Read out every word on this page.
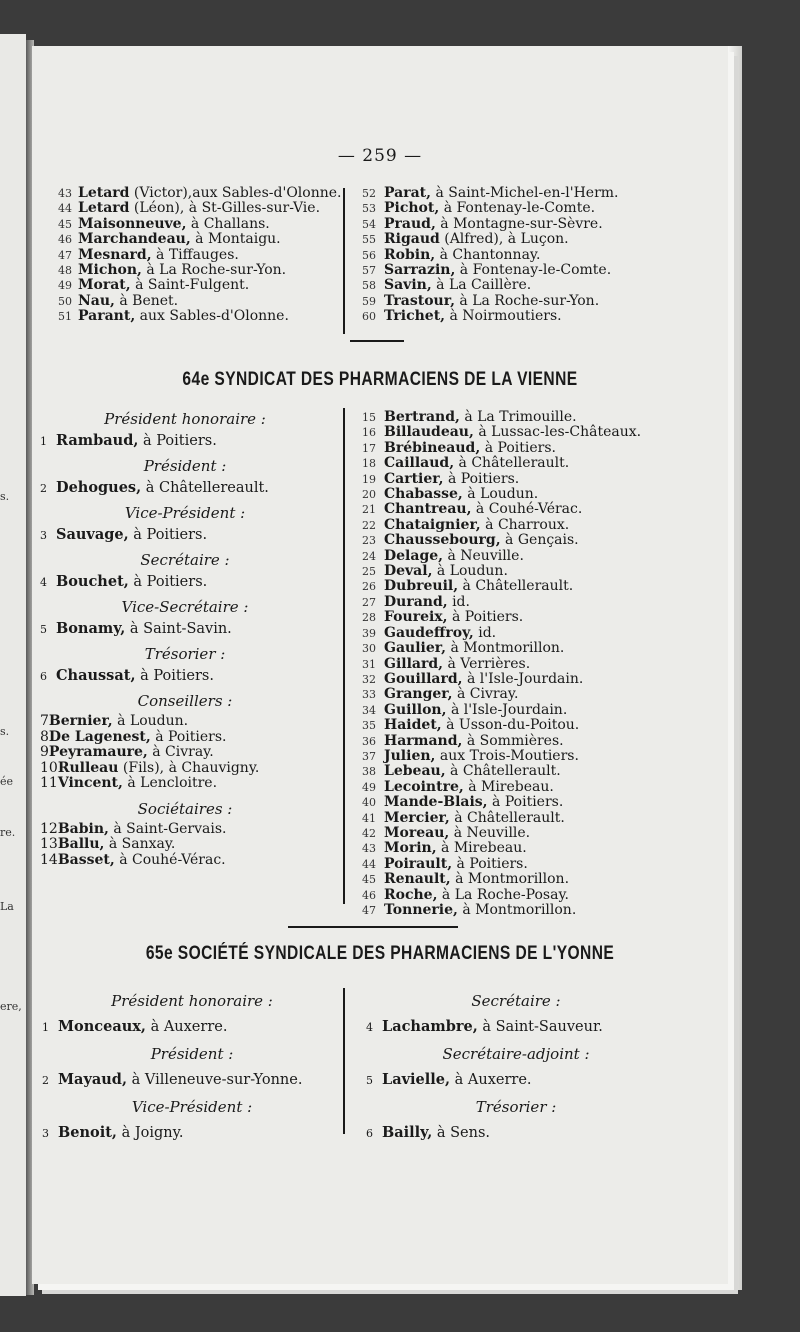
s.
s.
ée
re.
La
ere,
— 259 —
43 Letard (Victor),aux Sables-d'Olonne.
44 Letard (Léon), à St-Gilles-sur-Vie.
45 Maisonneuve, à Challans.
46 Marchandeau, à Montaigu.
47 Mesnard, à Tiffauges.
48 Michon, à La Roche-sur-Yon.
49 Morat, à Saint-Fulgent.
50 Nau, à Benet.
51 Parant, aux Sables-d'Olonne.
52 Parat, à Saint-Michel-en-l'Herm.
53 Pichot, à Fontenay-le-Comte.
54 Praud, à Montagne-sur-Sèvre.
55 Rigaud (Alfred), à Luçon.
56 Robin, à Chantonnay.
57 Sarrazin, à Fontenay-le-Comte.
58 Savin, à La Caillère.
59 Trastour, à La Roche-sur-Yon.
60 Trichet, à Noirmoutiers.
64e SYNDICAT DES PHARMACIENS DE LA VIENNE
Président honoraire :
1 Rambaud, à Poitiers.
Président :
2 Dehogues, à Châtellereault.
Vice-Président :
3 Sauvage, à Poitiers.
Secrétaire :
4 Bouchet, à Poitiers.
Vice-Secrétaire :
5 Bonamy, à Saint-Savin.
Trésorier :
6 Chaussat, à Poitiers.
Conseillers :
7Bernier, à Loudun.
8De Lagenest, à Poitiers.
9Peyramaure, à Civray.
10Rulleau (Fils), à Chauvigny.
11Vincent, à Lencloitre.
Sociétaires :
12Babin, à Saint-Gervais.
13Ballu, à Sanxay.
14Basset, à Couhé-Vérac.
15 Bertrand, à La Trimouille.
16 Billaudeau, à Lussac-les-Châteaux.
17 Brébineaud, à Poitiers.
18 Caillaud, à Châtellerault.
19 Cartier, à Poitiers.
20 Chabasse, à Loudun.
21 Chantreau, à Couhé-Vérac.
22 Chataignier, à Charroux.
23 Chaussebourg, à Gençais.
24 Delage, à Neuville.
25 Deval, à Loudun.
26 Dubreuil, à Châtellerault.
27 Durand, id.
28 Foureix, à Poitiers.
39 Gaudeffroy, id.
30 Gaulier, à Montmorillon.
31 Gillard, à Verrières.
32 Gouillard, à l'Isle-Jourdain.
33 Granger, à Civray.
34 Guillon, à l'Isle-Jourdain.
35 Haidet, à Usson-du-Poitou.
36 Harmand, à Sommières.
37 Julien, aux Trois-Moutiers.
38 Lebeau, à Châtellerault.
49 Lecointre, à Mirebeau.
40 Mande-Blais, à Poitiers.
41 Mercier, à Châtellerault.
42 Moreau, à Neuville.
43 Morin, à Mirebeau.
44 Poirault, à Poitiers.
45 Renault, à Montmorillon.
46 Roche, à La Roche-Posay.
47 Tonnerie, à Montmorillon.
65e SOCIÉTÉ SYNDICALE DES PHARMACIENS DE L'YONNE
Président honoraire :
1 Monceaux, à Auxerre.
Président :
2 Mayaud, à Villeneuve-sur-Yonne.
Vice-Président :
3 Benoit, à Joigny.
Secrétaire :
4 Lachambre, à Saint-Sauveur.
Secrétaire-adjoint :
5 Lavielle, à Auxerre.
Trésorier :
6 Bailly, à Sens.
